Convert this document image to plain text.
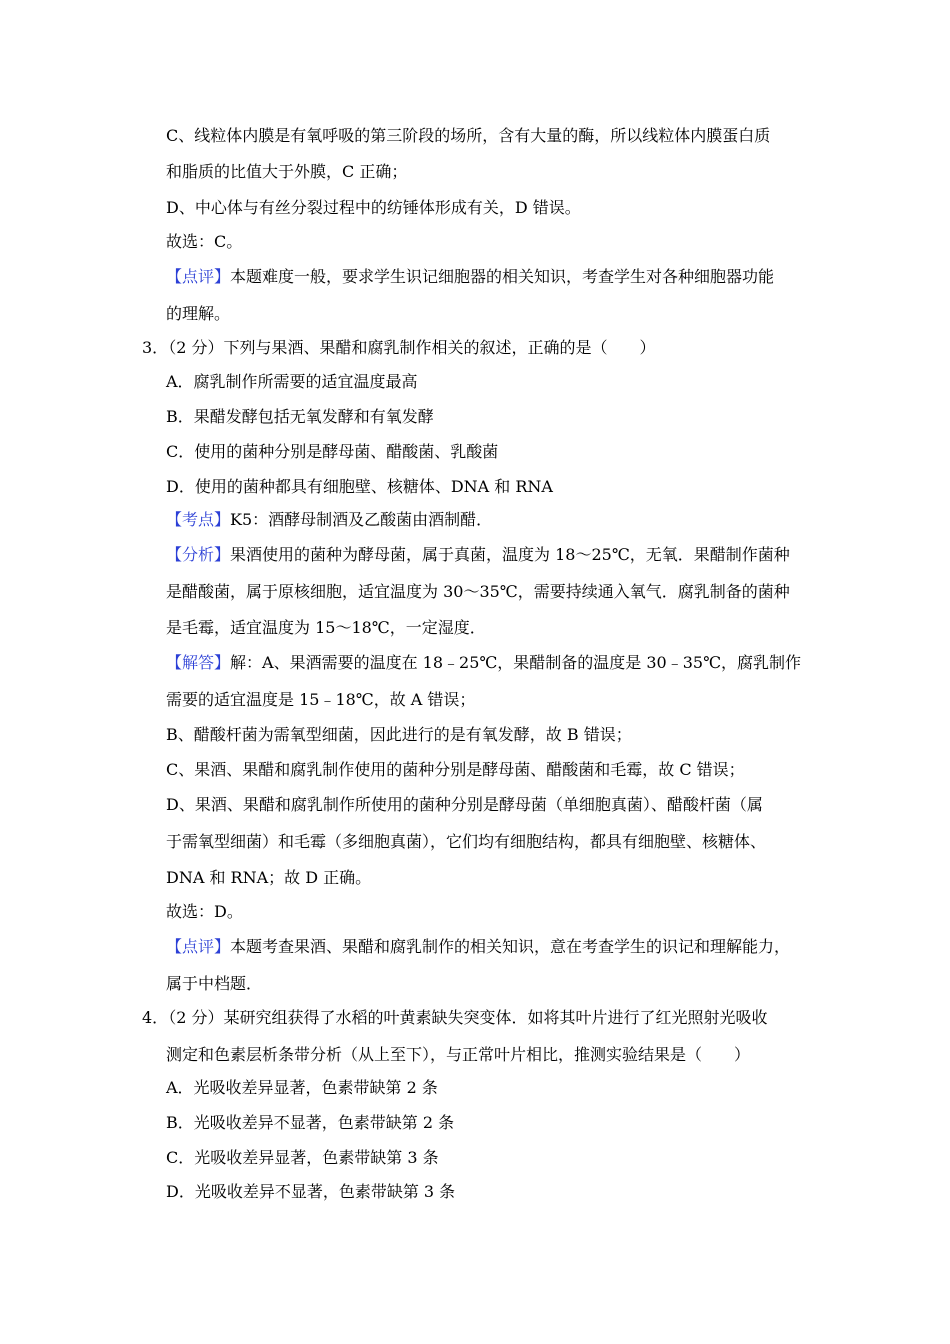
C、线粒体内膜是有氧呼吸的第三阶段的场所，含有大量的酶，所以线粒体内膜蛋白质
和脂质的比值大于外膜，C 正确；
D、中心体与有丝分裂过程中的纺锤体形成有关，D 错误。
故选：C。
【点评】本题难度一般，要求学生识记细胞器的相关知识，考查学生对各种细胞器功能
的理解。
3．（2 分）下列与果酒、果醋和腐乳制作相关的叙述，正确的是（　　）
A．腐乳制作所需要的适宜温度最高
B．果醋发酵包括无氧发酵和有氧发酵
C．使用的菌种分别是酵母菌、醋酸菌、乳酸菌
D．使用的菌种都具有细胞壁、核糖体、DNA 和 RNA
【考点】K5：酒酵母制酒及乙酸菌由酒制醋．
【分析】果酒使用的菌种为酵母菌，属于真菌，温度为 18～25℃，无氧．果醋制作菌种
是醋酸菌，属于原核细胞，适宜温度为 30～35℃，需要持续通入氧气．腐乳制备的菌种
是毛霉，适宜温度为 15～18℃，一定湿度．
【解答】解：A、果酒需要的温度在 18﹣25℃，果醋制备的温度是 30﹣35℃，腐乳制作
需要的适宜温度是 15﹣18℃，故 A 错误；
B、醋酸杆菌为需氧型细菌，因此进行的是有氧发酵，故 B 错误；
C、果酒、果醋和腐乳制作使用的菌种分别是酵母菌、醋酸菌和毛霉，故 C 错误；
D、果酒、果醋和腐乳制作所使用的菌种分别是酵母菌（单细胞真菌）、醋酸杆菌（属
于需氧型细菌）和毛霉（多细胞真菌），它们均有细胞结构，都具有细胞壁、核糖体、
DNA 和 RNA；故 D 正确。
故选：D。
【点评】本题考查果酒、果醋和腐乳制作的相关知识，意在考查学生的识记和理解能力，
属于中档题．
4．（2 分）某研究组获得了水稻的叶黄素缺失突变体．如将其叶片进行了红光照射光吸收
测定和色素层析条带分析（从上至下），与正常叶片相比，推测实验结果是（　　）
A．光吸收差异显著，色素带缺第 2 条
B．光吸收差异不显著，色素带缺第 2 条
C．光吸收差异显著，色素带缺第 3 条
D．光吸收差异不显著，色素带缺第 3 条
